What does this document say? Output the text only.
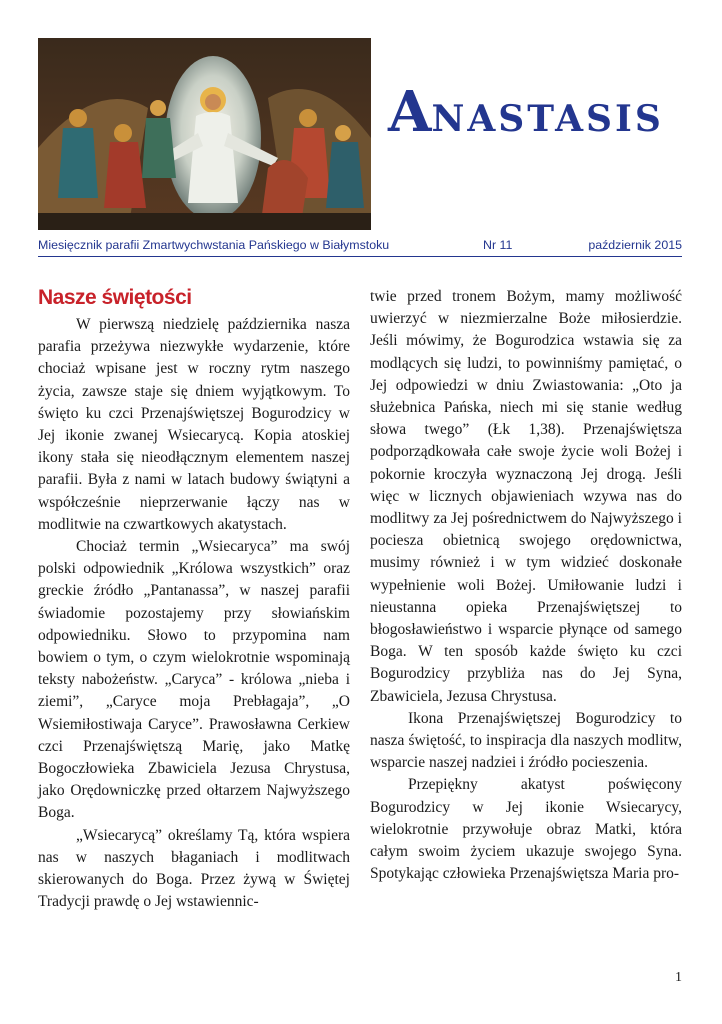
ANASTASIS
Miesięcznik parafii Zmartwychwstania Pańskiego w Białymstoku	Nr 11	październik 2015
Nasze świętości

W pierwszą niedzielę października nasza parafia przeżywa niezwykłe wydarzenie, które chociaż wpisane jest w roczny rytm naszego życia, zawsze staje się dniem wyjątkowym. To święto ku czci Przenajświętszej Bogurodzicy w Jej ikonie zwanej Wsiecarycą. Kopia atoskiej ikony stała się nieodłącznym elementem naszej parafii. Była z nami w latach budowy świątyni a współcześnie nieprzerwanie łączy nas w modlitwie na czwartkowych akatystach.

Chociaż termin „Wsiecaryca” ma swój polski odpowiednik „Królowa wszystkich” oraz greckie źródło „Pantanassa”, w naszej parafii świadomie pozostajemy przy słowiańskim odpowiedniku. Słowo to przypomina nam bowiem o tym, o czym wielokrotnie wspominają teksty nabożeństw. „Caryca” - królowa „nieba i ziemi”, „Caryce moja Prebłagaja”, „O Wsiemiłostiwaja Caryce”. Prawosławna Cerkiew czci Przenajświętszą Marię, jako Matkę Bogoczłowieka Zbawiciela Jezusa Chrystusa, jako Orędowniczkę przed ołtarzem Najwyższego Boga.

„Wsiecarycą” określamy Tą, która wspiera nas w naszych błaganiach i modlitwach skierowanych do Boga. Przez żywą w Świętej Tradycji prawdę o Jej wstawiennic-

twie przed tronem Bożym, mamy możliwość uwierzyć w niezmierzalne Boże miłosierdzie. Jeśli mówimy, że Bogurodzica wstawia się za modlących się ludzi, to powinniśmy pamiętać, o Jej odpowiedzi w dniu Zwiastowania: „Oto ja służebnica Pańska, niech mi się stanie według słowa twego” (Łk 1,38). Przenajświętsza podporządkowała całe swoje życie woli Bożej i pokornie kroczyła wyznaczoną Jej drogą. Jeśli więc w licznych objawieniach wzywa nas do modlitwy za Jej pośrednictwem do Najwyższego i pociesza obietnicą swojego orędownictwa, musimy również i w tym widzieć doskonałe wypełnienie woli Bożej. Umiłowanie ludzi i nieustanna opieka Przenajświętszej to błogosławieństwo i wsparcie płynące od samego Boga. W ten sposób każde święto ku czci Bogurodzicy przybliża nas do Jej Syna, Zbawiciela, Jezusa Chrystusa.

Ikona Przenajświętszej Bogurodzicy to nasza świętość, to inspiracja dla naszych modlitw, wsparcie naszej nadziei i źródło pocieszenia.

Przepiękny akatyst poświęcony Bogurodzicy w Jej ikonie Wsiecarycy, wielokrotnie przywołuje obraz Matki, która całym swoim życiem ukazuje swojego Syna. Spotykając człowieka Przenajświętsza Maria pro-

1
